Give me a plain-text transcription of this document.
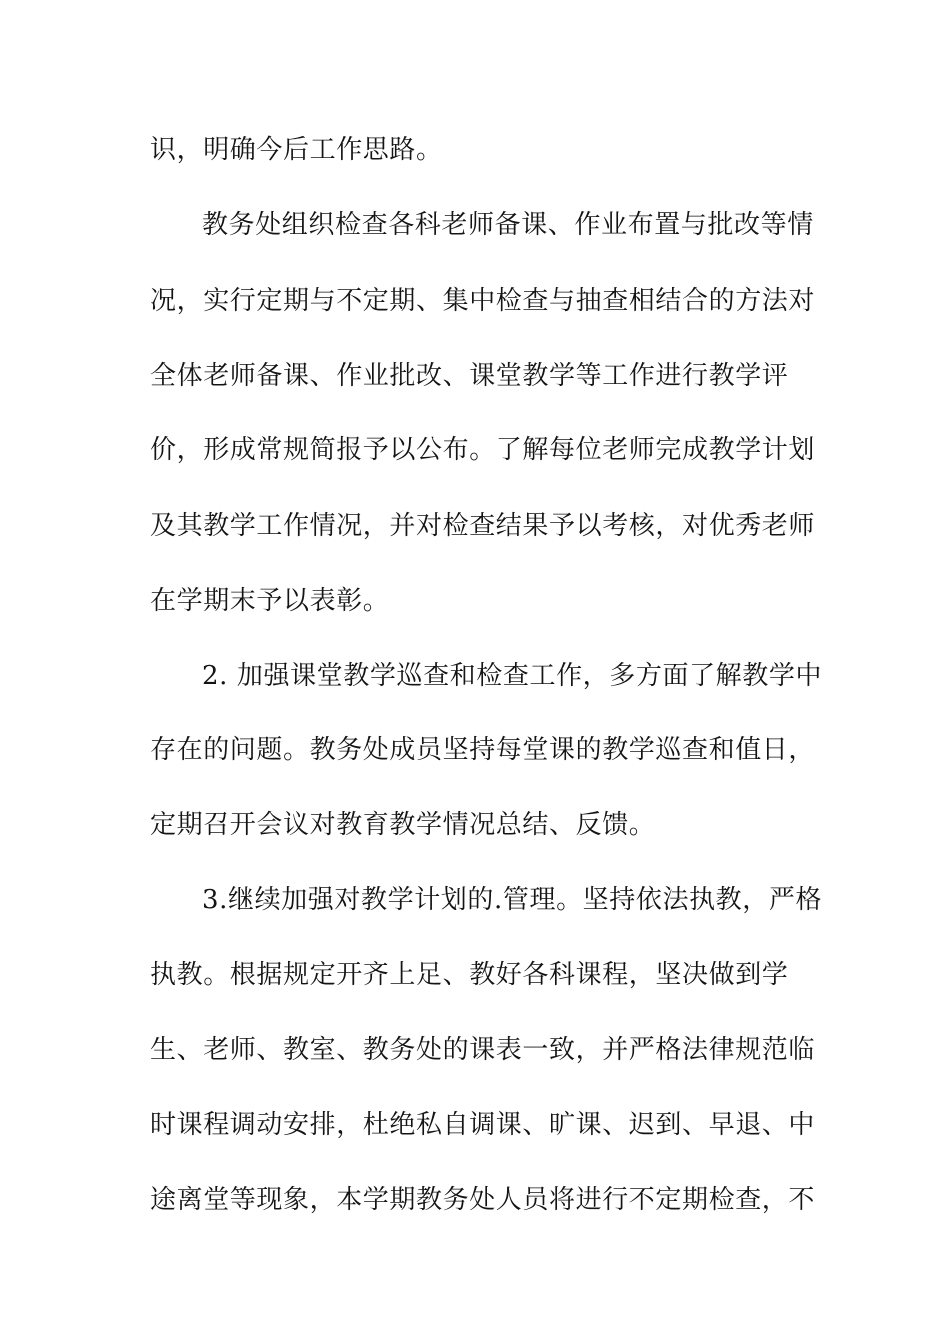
识，明确今后工作思路。
教务处组织检查各科老师备课、作业布置与批改等情
况，实行定期与不定期、集中检查与抽查相结合的方法对
全体老师备课、作业批改、课堂教学等工作进行教学评
价，形成常规简报予以公布。了解每位老师完成教学计划
及其教学工作情况，并对检查结果予以考核，对优秀老师
在学期末予以表彰。
2. 加强课堂教学巡查和检查工作，多方面了解教学中
存在的问题。教务处成员坚持每堂课的教学巡查和值日，
定期召开会议对教育教学情况总结、反馈。
3.继续加强对教学计划的.管理。坚持依法执教，严格
执教。根据规定开齐上足、教好各科课程，坚决做到学
生、老师、教室、教务处的课表一致，并严格法律规范临
时课程调动安排，杜绝私自调课、旷课、迟到、早退、中
途离堂等现象，本学期教务处人员将进行不定期检查，不
